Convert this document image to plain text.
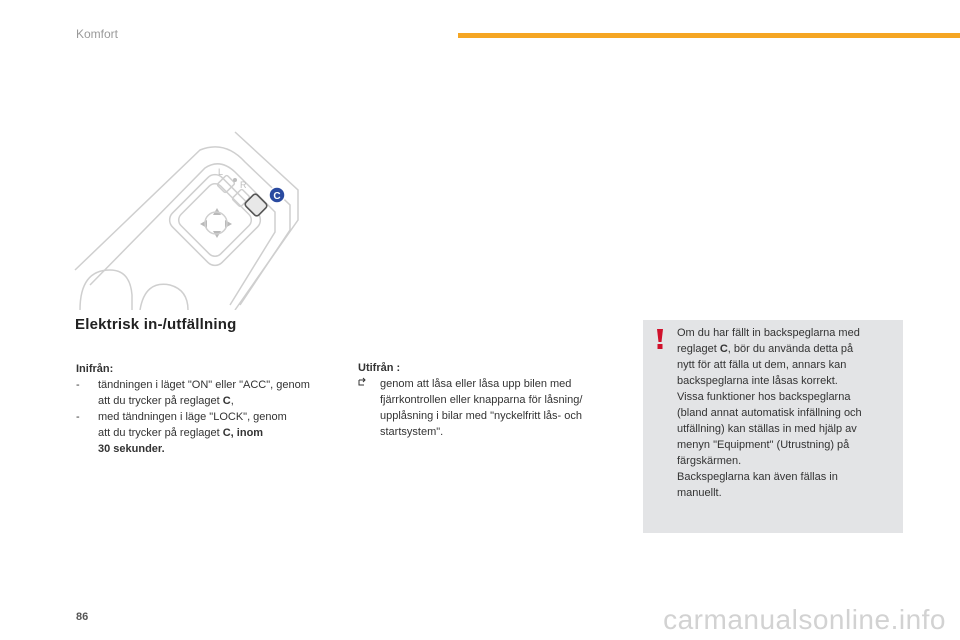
Komfort
L
R
C
Elektrisk in-/utfällning
Inifrån:
- tändningen i läget "ON" eller "ACC", genom
att du trycker på reglaget C,
- med tändningen i läge "LOCK", genom
att du trycker på reglaget C, inom
30 sekunder.
Utifrån :
genom att låsa eller låsa upp bilen med
fjärrkontrollen eller knapparna för låsning/
upplåsning i bilar med "nyckelfritt lås- och
startsystem".
Om du har fällt in backspeglarna med
reglaget C, bör du använda detta på
nytt för att fälla ut dem, annars kan
backspeglarna inte låsas korrekt.
Vissa funktioner hos backspeglarna
(bland annat automatisk infällning och
utfällning) kan ställas in med hjälp av
menyn "Equipment" (Utrustning) på
färgskärmen.
Backspeglarna kan även fällas in
manuellt.
86	carmanualsonline.info
